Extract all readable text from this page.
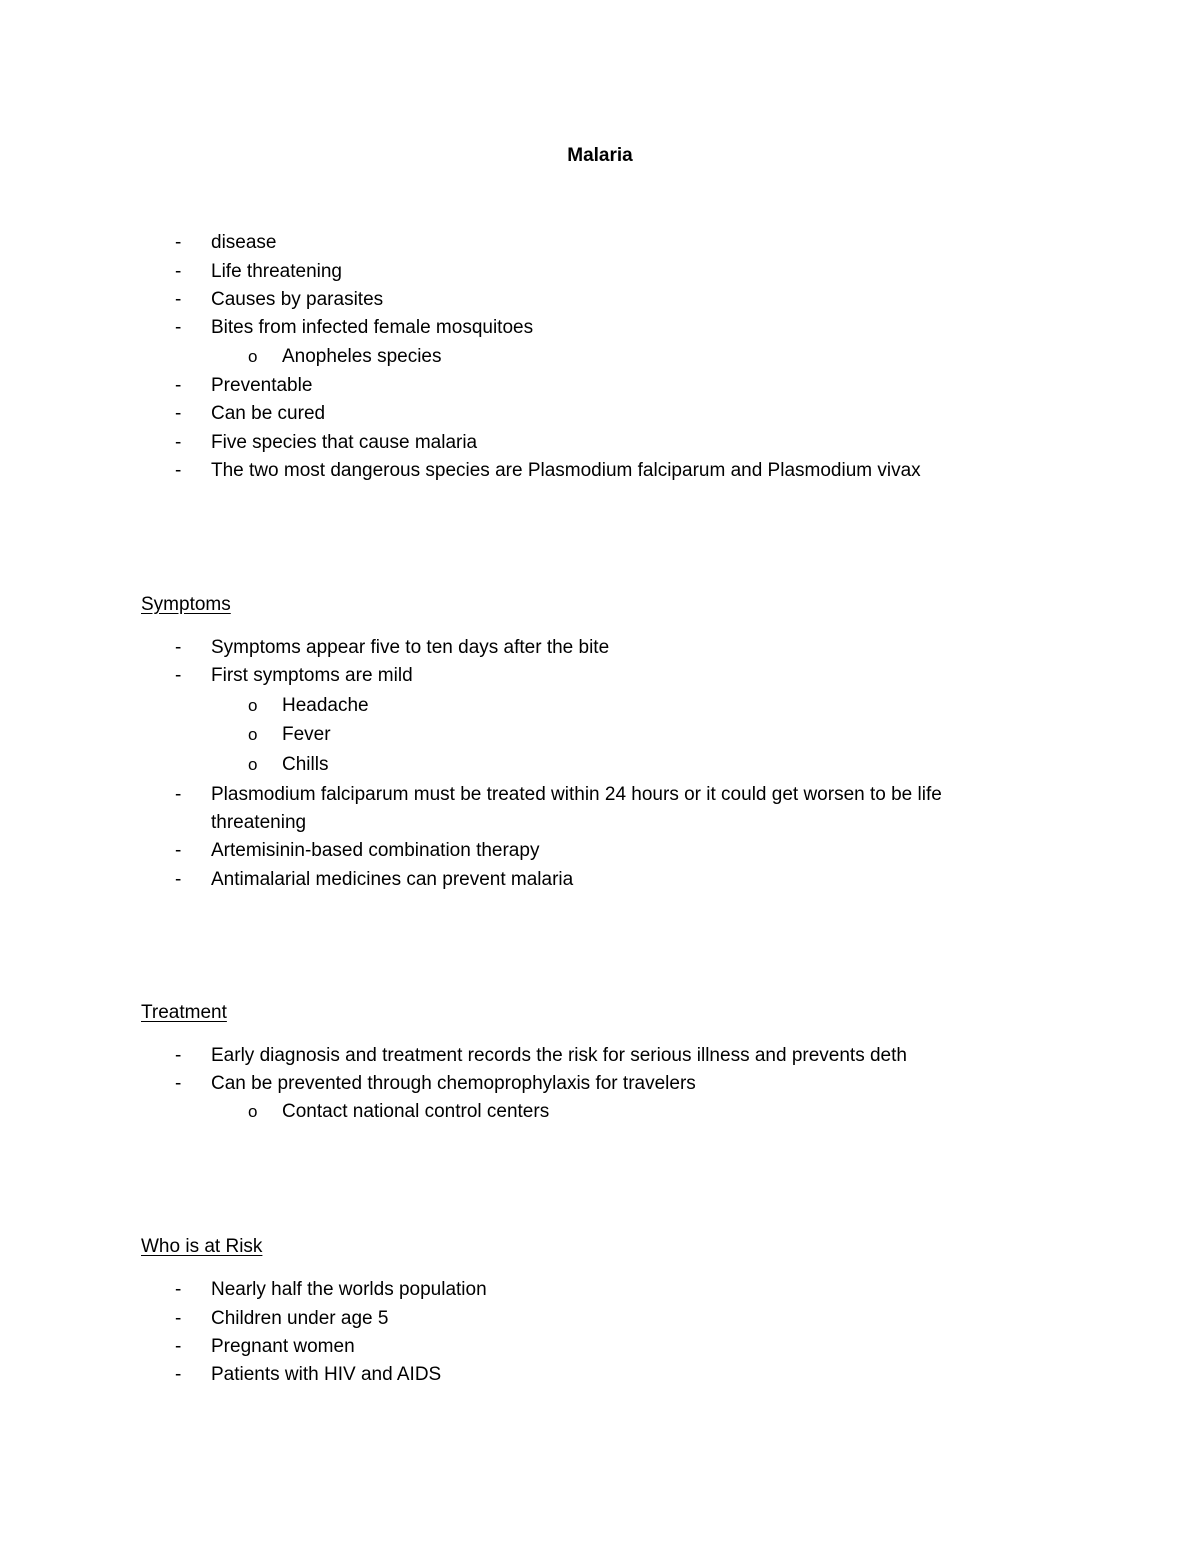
Malaria
- disease
- Life threatening
- Causes by parasites
- Bites from infected female mosquitoes
o Anopheles species
- Preventable
- Can be cured
- Five species that cause malaria
- The two most dangerous species are Plasmodium falciparum and Plasmodium vivax
Symptoms
- Symptoms appear five to ten days after the bite
- First symptoms are mild
o Headache
o Fever
o Chills
- Plasmodium falciparum must be treated within 24 hours or it could get worsen to be life threatening
- Artemisinin-based combination therapy
- Antimalarial medicines can prevent malaria
Treatment
- Early diagnosis and treatment records the risk for serious illness and prevents deth
- Can be prevented through chemoprophylaxis for travelers
o Contact national control centers
Who is at Risk
- Nearly half the worlds population
- Children under age 5
- Pregnant women
- Patients with HIV and AIDS
